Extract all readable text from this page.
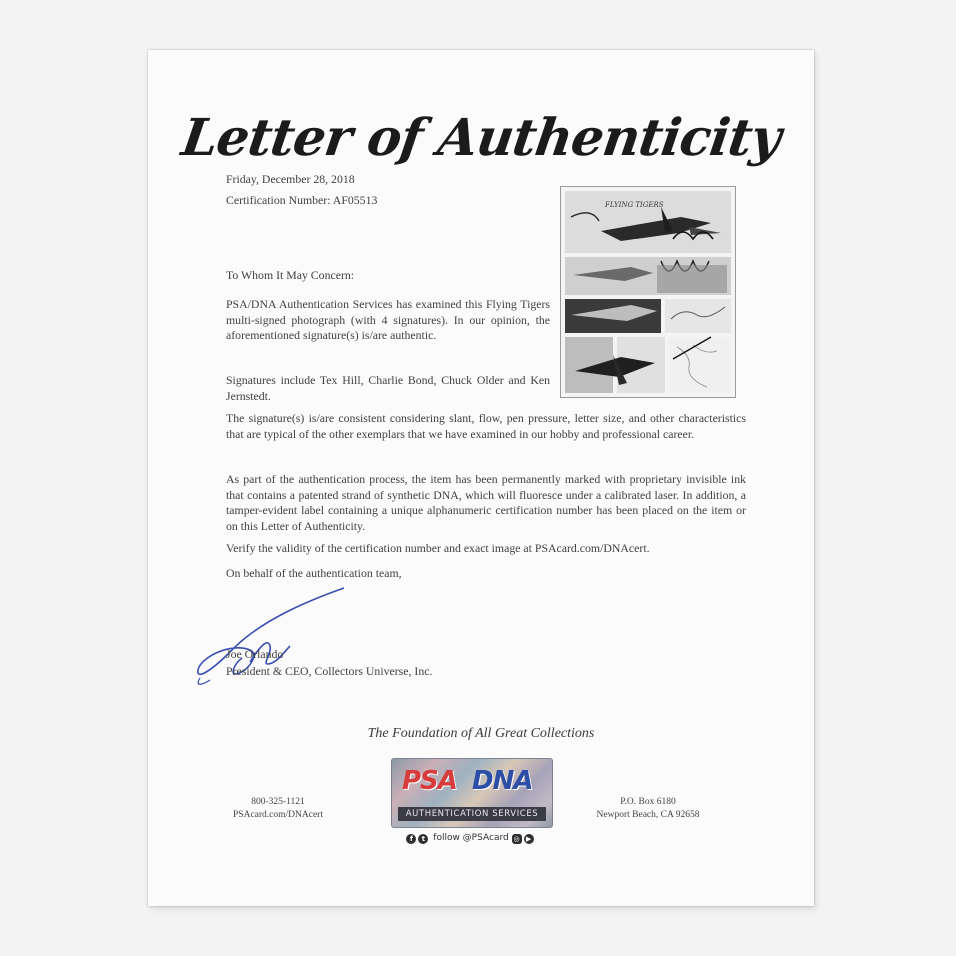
Letter of Authenticity

Friday, December 28, 2018

Certification Number: AF05513	FLYING TIGERS

To Whom It May Concern:

PSA/DNA Authentication Services has examined this Flying Tigers multi-signed photograph (with 4 signatures). In our opinion, the aforementioned signature(s) is/are authentic.

Signatures include Tex Hill, Charlie Bond, Chuck Older and Ken Jernstedt.

The signature(s) is/are consistent considering slant, flow, pen pressure, letter size, and other characteristics that are typical of the other exemplars that we have examined in our hobby and professional career.

As part of the authentication process, the item has been permanently marked with proprietary invisible ink that contains a patented strand of synthetic DNA, which will fluoresce under a calibrated laser. In addition, a tamper-evident label containing a unique alphanumeric certification number has been placed on the item or on this Letter of Authenticity.

Verify the validity of the certification number and exact image at PSAcard.com/DNAcert.

On behalf of the authentication team,

Joe Orlando

President & CEO, Collectors Universe, Inc.

The Foundation of All Great Collections
800-325-1121
PSAcard.com/DNAcert
PSA DNA
AUTHENTICATION SERVICES
f t follow @PSAcard ◎ ▶
P.O. Box 6180
Newport Beach, CA 92658
